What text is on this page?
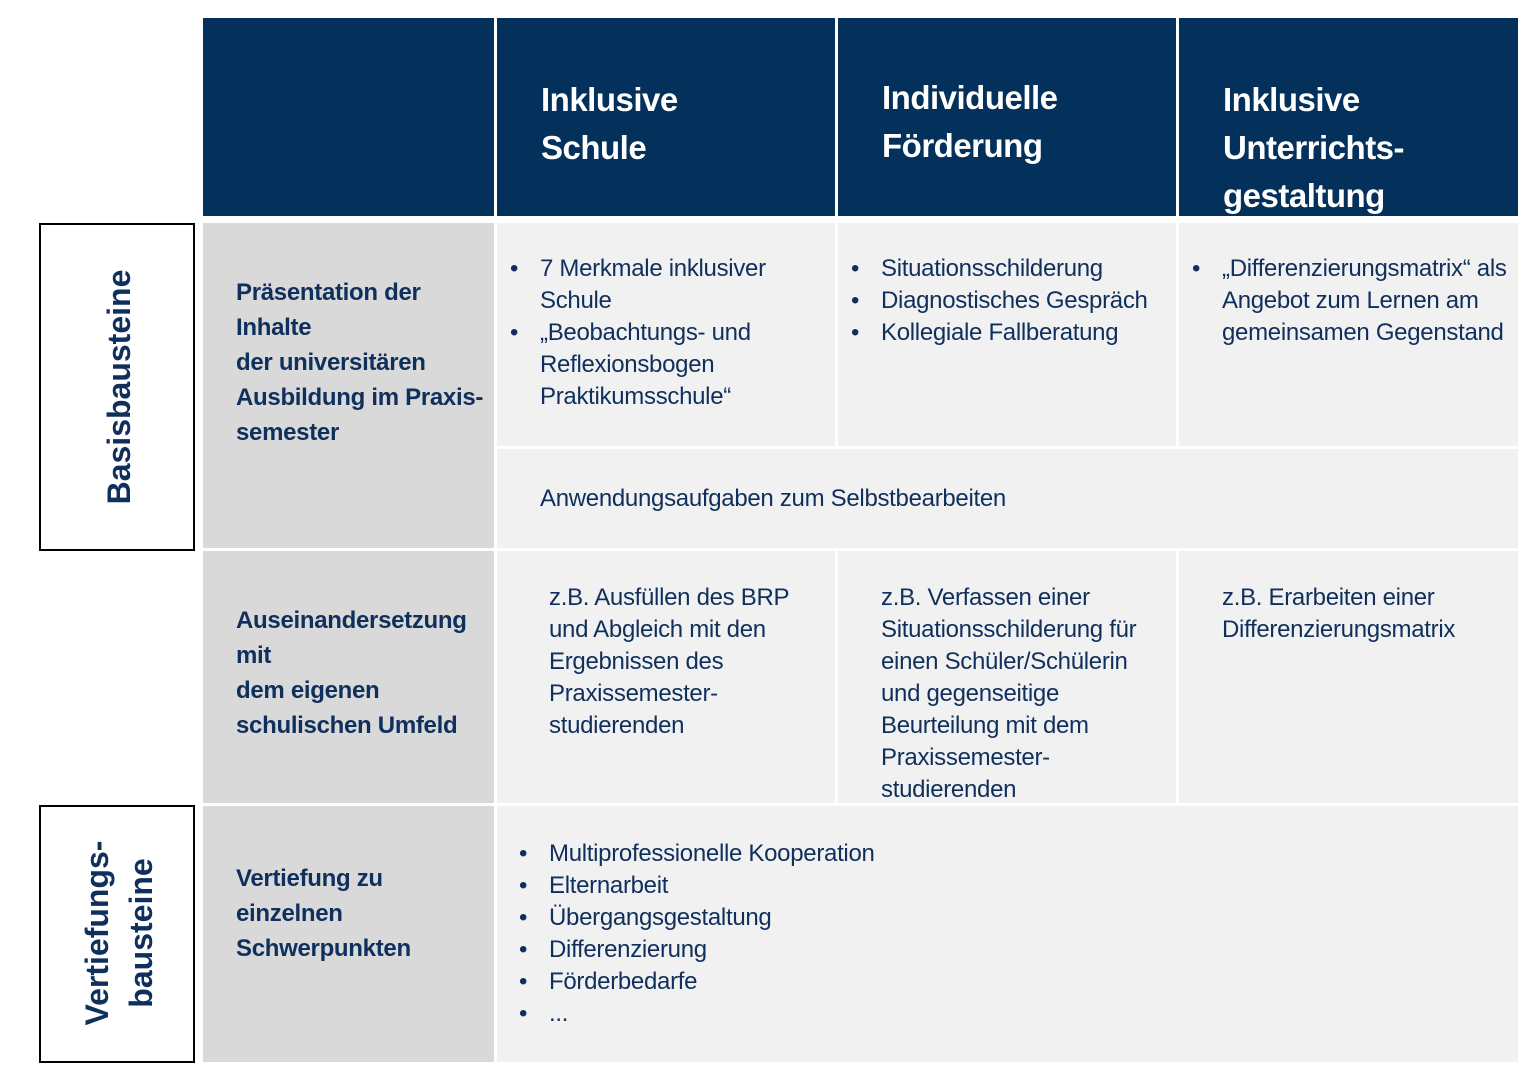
Inklusive
Schule
Individuelle
Förderung
Inklusive
Unterrichts-
gestaltung
Basisbausteine
Vertiefungs- bausteine
Präsentation der Inhalte
der universitären
Ausbildung im Praxis-
semester
• 7 Merkmale inklusiver Schule
• „Beobachtungs- und Reflexionsbogen Praktikumsschule“
• Situationsschilderung
• Diagnostisches Gespräch
• Kollegiale Fallberatung
• „Differenzierungsmatrix“ als Angebot zum Lernen am gemeinsamen Gegenstand
Anwendungsaufgaben zum Selbstbearbeiten
Auseinandersetzung mit
dem eigenen
schulischen Umfeld
z.B. Ausfüllen des BRP und Abgleich mit den Ergebnissen des Praxissemester-studierenden
z.B. Verfassen einer Situationsschilderung für einen Schüler/Schülerin und gegenseitige Beurteilung mit dem Praxissemester-studierenden
z.B. Erarbeiten einer Differenzierungsmatrix
Vertiefung zu einzelnen
Schwerpunkten
• Multiprofessionelle Kooperation
• Elternarbeit
• Übergangsgestaltung
• Differenzierung
• Förderbedarfe
• ...
